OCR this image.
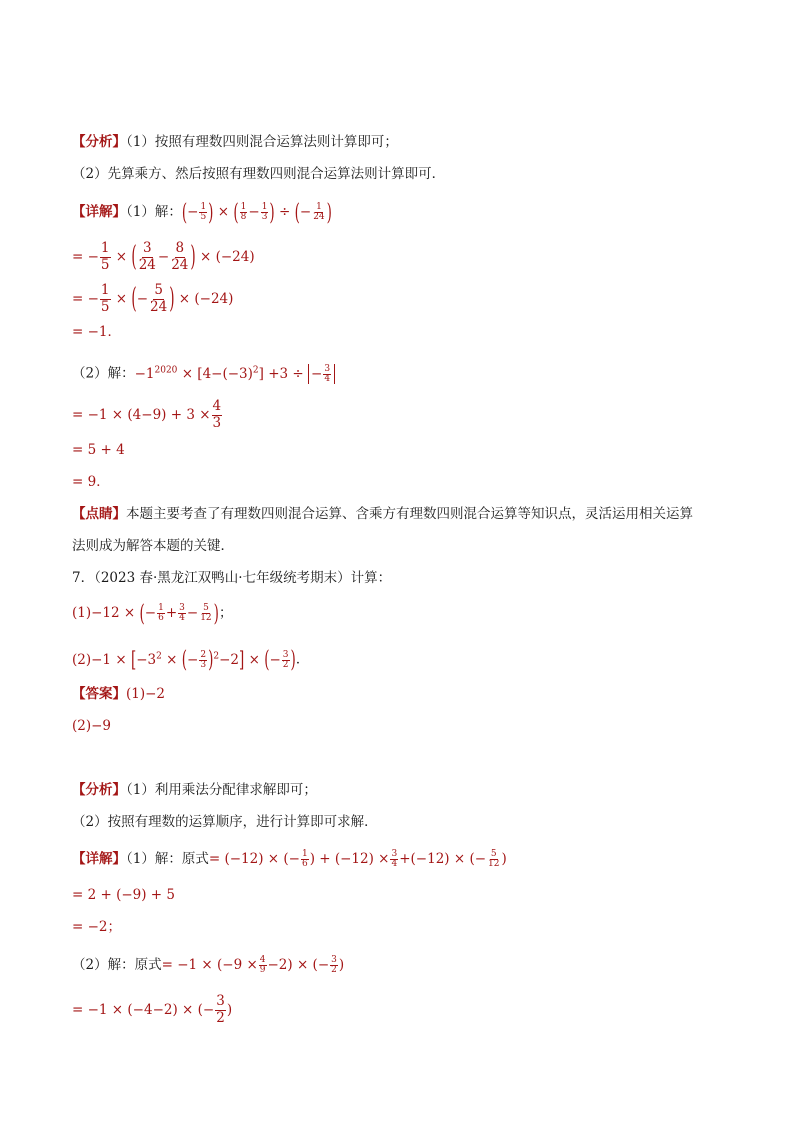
【分析】（1）按照有理数四则混合运算法则计算即可；
（2）先算乘方、然后按照有理数四则混合运算法则计算即可．
【详解】（1）解：(− $\frac{1}{5}$ ) × ( $\frac{1}{8} - \frac{1}{3}$ ) ÷ (− $\frac{1}{24}$ )
= − $\frac{1}{5}$ × ( $\frac{3}{24} - \frac{8}{24}$ ) × (−24)
= − $\frac{1}{5}$ × (− $\frac{5}{24}$ ) × (−24)
= −1．
（2）解：$-1^{2020} \times [4-(-3)^2] +3$ ÷ − $\frac{3}{4}$
= $-1 \times (4-9) + 3 \times \frac{4}{3}$
= 5 + 4
= 9．
【点睛】本题主要考查了有理数四则混合运算、含乘方有理数四则混合运算等知识点，灵活运用相关运算
法则成为解答本题的关键．
7．（2023 春·黑龙江双鸭山·七年级统考期末）计算：
(1)−12 × (− $\frac{1}{6} + \frac{3}{4} - \frac{5}{12}$ )；
$(2)-1 \times [-3^2$ × (− $\frac{2}{3} )^2-2$] × (− $\frac{3}{2}$ )．
【答案】(1)−2
(2)−9
【分析】（1）利用乘法分配律求解即可；
（2）按照有理数的运算顺序，进行计算即可求解．
【详解】（1）解：原式= (−12) × (− $\frac{1}{6}$ ) + $(-12) \times \frac{3}{4} +(-12)$ × (− $\frac{5}{12}$ )
= 2 + (−9) + 5
= −2；
（2）解：原式= $-1 \times (-9 \times \frac{4}{9} -2)$ × (− $\frac{3}{2}$ )
= −1 × (−4−2) × (− $\frac{3}{2}$ )
